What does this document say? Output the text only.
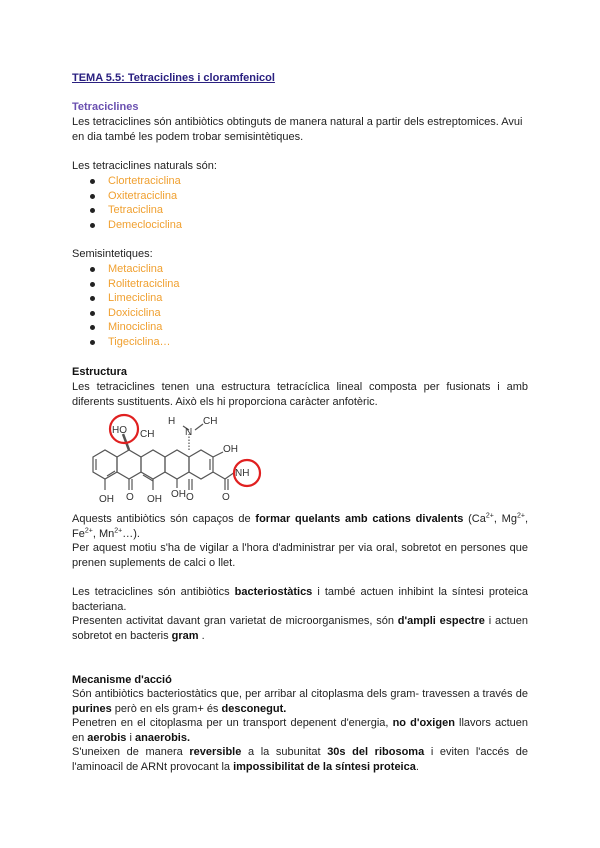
TEMA 5.5: Tetraciclines i cloramfenicol
Tetraciclines
Les tetraciclines són antibiòtics obtinguts de manera natural a partir dels estreptomices. Avui en dia també les podem trobar semisintètiques.
Les tetraciclines naturals són:
Clortetraciclina
Oxitetraciclina
Tetraciclina
Demeclociclina
Semisintetiques:
Metaciclina
Rolitetraciclina
Limeciclina
Doxiciclina
Minociclina
Tigeciclina…
Estructura
Les tetraciclines tenen una estructura tetracíclica lineal composta per fusionats i amb diferents sustituents. Això els hi proporciona caràcter anfotèric.
HO CH
H
N
CH
OH
NH
OH O OH OH O	O
Aquests antibiòtics són capaços de formar quelants amb cations divalents ($Ca^{2+}$, $Mg^{2+}$, $Fe^{2+}$, $Mn^{2+}\dots$).
Per aquest motiu s'ha de vigilar a l'hora d'administrar per via oral, sobretot en persones que prenen suplements de calci o llet.
Les tetraciclines són antibiòtics bacteriostàtics i també actuen inhibint la síntesi proteica bacteriana.
Presenten activitat davant gran varietat de microorganismes, són d'ampli espectre i actuen sobretot en bacteris gram .
Mecanisme d'acció
Són antibiòtics bacteriostàtics que, per arribar al citoplasma dels gram- travessen a través de purines però en els gram+ és desconegut.
Penetren en el citoplasma per un transport depenent d'energia, no d'oxigen llavors actuen en aerobis i anaerobis.
S'uneixen de manera reversible a la subunitat 30s del ribosoma i eviten l'accés de l'aminoacil de ARNt provocant la impossibilitat de la síntesi proteica.
